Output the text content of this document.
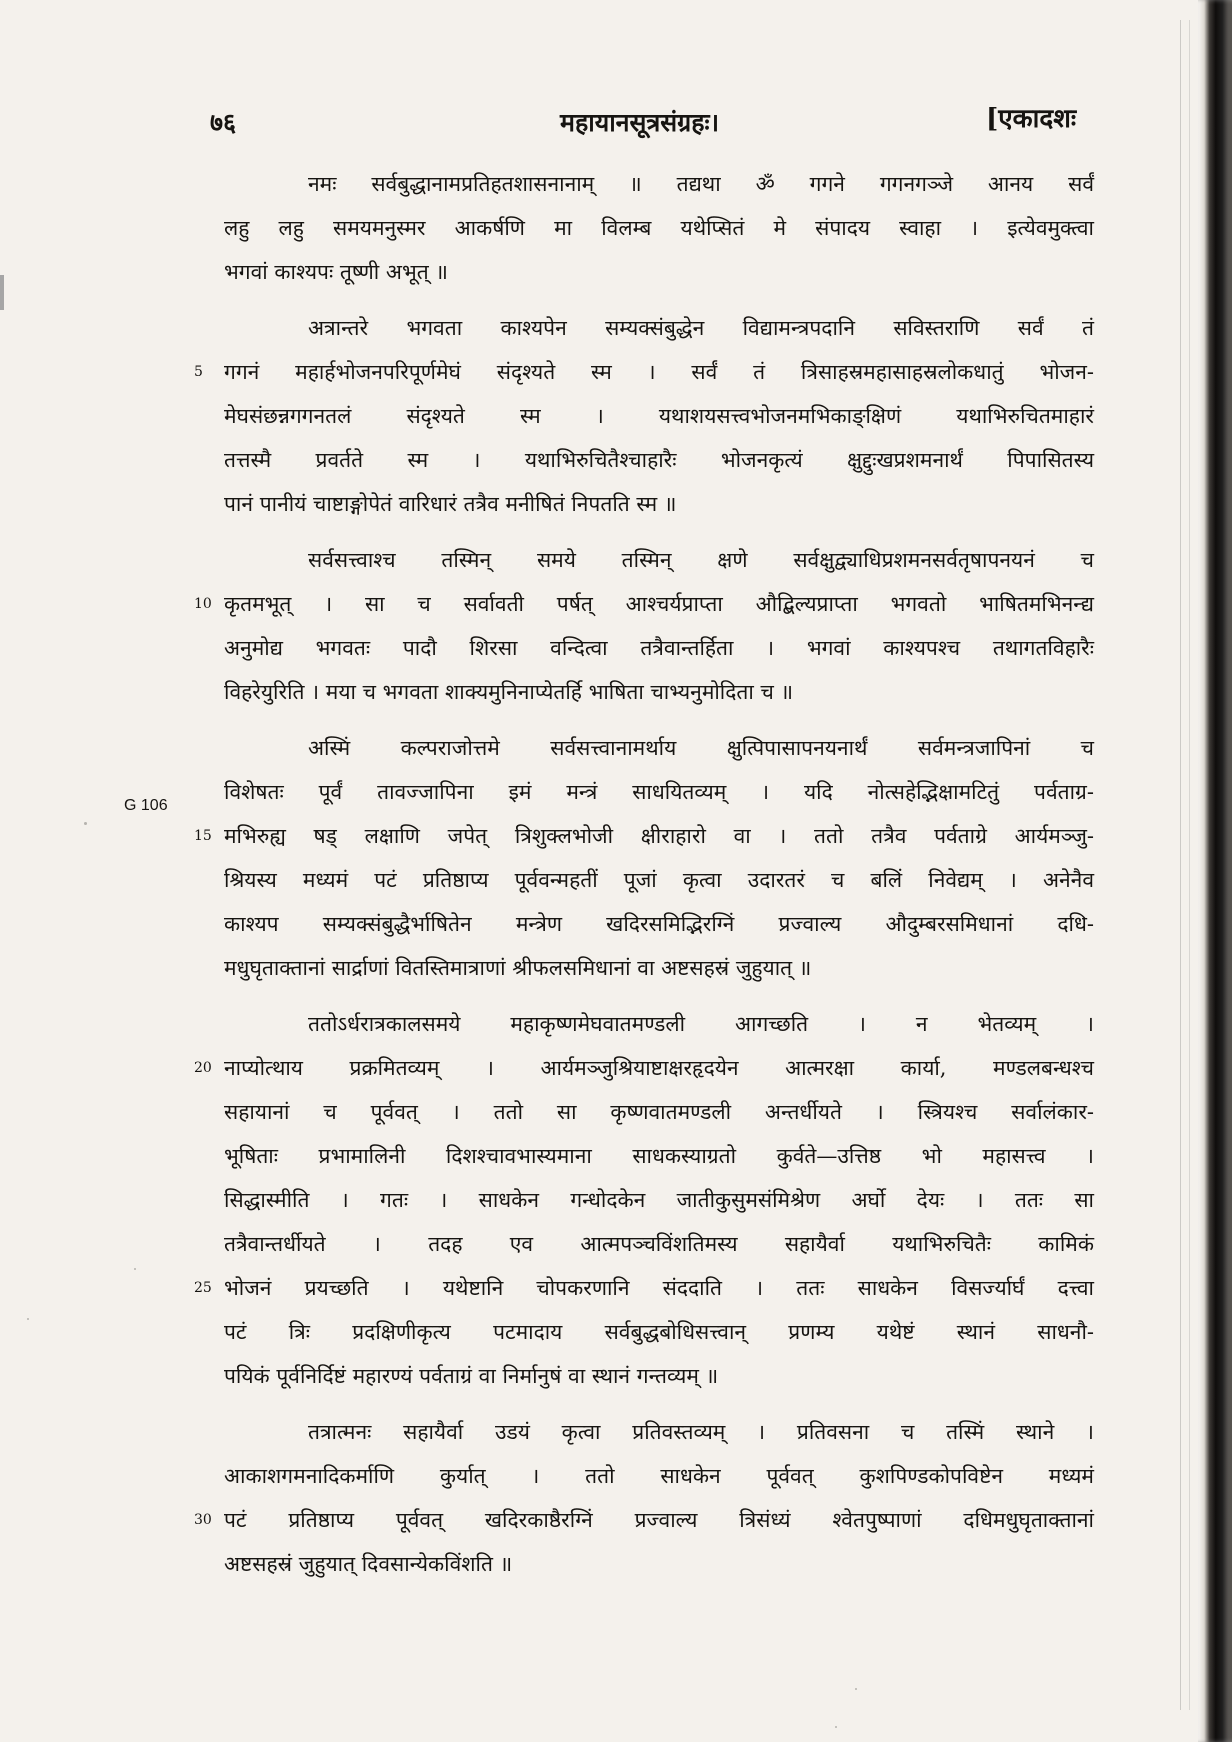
७६	महायानसूत्रसंग्रहः।	[एकादशः
G 106
नमः सर्वबुद्धानामप्रतिहतशासनानाम् ॥ तद्यथा ॐ गगने गगनगञ्जे आनय सर्वं
लहु लहु समयमनुस्मर आकर्षणि मा विलम्ब यथेप्सितं मे संपादय स्वाहा । इत्येवमुक्त्वा
भगवां काश्यपः तूष्णी अभूत् ॥
अत्रान्तरे भगवता काश्यपेन सम्यक्संबुद्धेन विद्यामन्त्रपदानि सविस्तराणि सर्वं तं
5	गगनं महार्हभोजनपरिपूर्णमेघं संदृश्यते स्म । सर्वं तं त्रिसाहस्रमहासाहस्रलोकधातुं भोजन-
मेघसंछन्नगगनतलं संदृश्यते स्म । यथाशयसत्त्वभोजनमभिकाङ्क्षिणं यथाभिरुचितमाहारं
तत्तस्मै प्रवर्तते स्म । यथाभिरुचितैश्चाहारैः भोजनकृत्यं क्षुद्दुःखप्रशमनार्थं पिपासितस्य
पानं पानीयं चाष्टाङ्गोपेतं वारिधारं तत्रैव मनीषितं निपतति स्म ॥
सर्वसत्त्वाश्च तस्मिन् समये तस्मिन् क्षणे सर्वक्षुद्व्याधिप्रशमनसर्वतृषापनयनं च
10 कृतमभूत् । सा च सर्वावती पर्षत् आश्चर्यप्राप्ता औद्बिल्यप्राप्ता भगवतो भाषितमभिनन्द्य
अनुमोद्य भगवतः पादौ शिरसा वन्दित्वा तत्रैवान्तर्हिता । भगवां काश्यपश्च तथागतविहारैः
विहरेयुरिति । मया च भगवता शाक्यमुनिनाप्येतर्हि भाषिता चाभ्यनुमोदिता च ॥
अस्मिं कल्पराजोत्तमे सर्वसत्त्वानामर्थाय क्षुत्पिपासापनयनार्थं सर्वमन्त्रजापिनां च
विशेषतः पूर्वं तावज्जापिना इमं मन्त्रं साधयितव्यम् । यदि नोत्सहेद्भिक्षामटितुं पर्वताग्र-
15 मभिरुह्य षड् लक्षाणि जपेत् त्रिशुक्लभोजी क्षीराहारो वा । ततो तत्रैव पर्वताग्रे आर्यमञ्जु-
श्रियस्य मध्यमं पटं प्रतिष्ठाप्य पूर्ववन्महतीं पूजां कृत्वा उदारतरं च बलिं निवेद्यम् । अनेनैव
काश्यप सम्यक्संबुद्धैर्भाषितेन मन्त्रेण खदिरसमिद्भिरग्निं प्रज्वाल्य औदुम्बरसमिधानां दधि-
मधुघृताक्तानां सार्द्राणां वितस्तिमात्राणां श्रीफलसमिधानां वा अष्टसहस्रं जुहुयात् ॥
ततोऽर्धरात्रकालसमये महाकृष्णमेघवातमण्डली आगच्छति । न भेतव्यम् ।
20 नाप्योत्थाय प्रक्रमितव्यम् । आर्यमञ्जुश्रियाष्टाक्षरहृदयेन आत्मरक्षा कार्या, मण्डलबन्धश्च
सहायानां च पूर्ववत् । ततो सा कृष्णवातमण्डली अन्तर्धीयते । स्त्रियश्च सर्वालंकार-
भूषिताः प्रभामालिनी दिशश्चावभास्यमाना साधकस्याग्रतो कुर्वते—उत्तिष्ठ भो महासत्त्व ।
सिद्धास्मीति । गतः । साधकेन गन्धोदकेन जातीकुसुमसंमिश्रेण अर्घो देयः । ततः सा
तत्रैवान्तर्धीयते । तदह एव आत्मपञ्चविंशतिमस्य सहायैर्वा यथाभिरुचितैः कामिकं
25 भोजनं प्रयच्छति । यथेष्टानि चोपकरणानि संददाति । ततः साधकेन विसर्ज्यार्घं दत्त्वा
पटं त्रिः प्रदक्षिणीकृत्य पटमादाय सर्वबुद्धबोधिसत्त्वान् प्रणम्य यथेष्टं स्थानं साधनौ-
पयिकं पूर्वनिर्दिष्टं महारण्यं पर्वताग्रं वा निर्मानुषं वा स्थानं गन्तव्यम् ॥
तत्रात्मनः सहायैर्वा उडयं कृत्वा प्रतिवस्तव्यम् । प्रतिवसना च तस्मिं स्थाने ।
आकाशगमनादिकर्माणि कुर्यात् । ततो साधकेन पूर्ववत् कुशपिण्डकोपविष्टेन मध्यमं
30 पटं प्रतिष्ठाप्य पूर्ववत् खदिरकाष्ठैरग्निं प्रज्वाल्य त्रिसंध्यं श्वेतपुष्पाणां दधिमधुघृताक्तानां
अष्टसहस्रं जुहुयात् दिवसान्येकविंशति ॥
